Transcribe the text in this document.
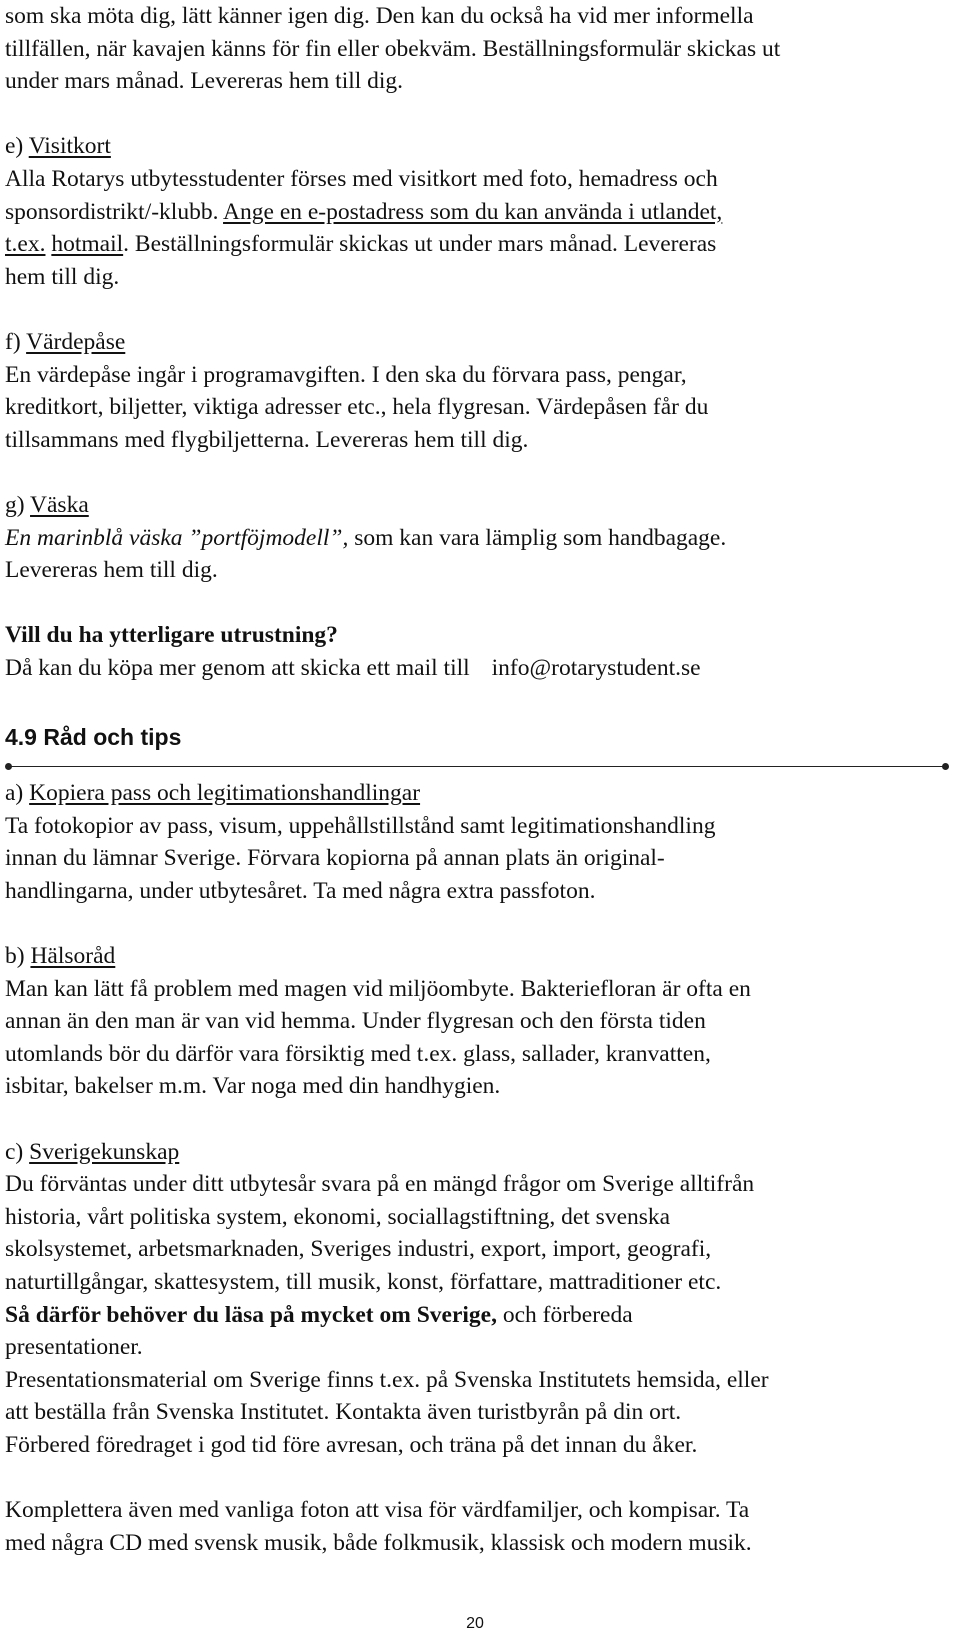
som ska möta dig, lätt känner igen dig. Den kan du också ha vid mer informella
tillfällen, när kavajen känns för fin eller obekväm. Beställningsformulär skickas ut
under mars månad. Levereras hem till dig.
e) Visitkort
Alla Rotarys utbytesstudenter förses med visitkort med foto, hemadress och
sponsordistrikt/-klubb. Ange en e-postadress som du kan använda i utlandet,
t.ex. hotmail. Beställningsformulär skickas ut under mars månad. Levereras
hem till dig.
f) Värdepåse
En värdepåse ingår i programavgiften. I den ska du förvara pass, pengar,
kreditkort, biljetter, viktiga adresser etc., hela flygresan. Värdepåsen får du
tillsammans med flygbiljetterna. Levereras hem till dig.
g) Väska
En marinblå väska ”portföjmodell”, som kan vara lämplig som handbagage.
Levereras hem till dig.
Vill du ha ytterligare utrustning?
Då kan du köpa mer genom att skicka ett mail till info@rotarystudent.se
4.9 Råd och tips
a) Kopiera pass och legitimationshandlingar
Ta fotokopior av pass, visum, uppehållstillstånd samt legitimationshandling
innan du lämnar Sverige. Förvara kopiorna på annan plats än original-
handlingarna, under utbytesåret. Ta med några extra passfoton.
b) Hälsoråd
Man kan lätt få problem med magen vid miljöombyte. Bakteriefloran är ofta en
annan än den man är van vid hemma. Under flygresan och den första tiden
utomlands bör du därför vara försiktig med t.ex. glass, sallader, kranvatten,
isbitar, bakelser m.m. Var noga med din handhygien.
c) Sverigekunskap
Du förväntas under ditt utbytesår svara på en mängd frågor om Sverige alltifrån
historia, vårt politiska system, ekonomi, sociallagstiftning, det svenska
skolsystemet, arbetsmarknaden, Sveriges industri, export, import, geografi,
naturtillgångar, skattesystem, till musik, konst, författare, mattraditioner etc.
Så därför behöver du läsa på mycket om Sverige, och förbereda
presentationer.
Presentationsmaterial om Sverige finns t.ex. på Svenska Institutets hemsida, eller
att beställa från Svenska Institutet. Kontakta även turistbyrån på din ort.
Förbered föredraget i god tid före avresan, och träna på det innan du åker.
Komplettera även med vanliga foton att visa för värdfamiljer, och kompisar. Ta
med några CD med svensk musik, både folkmusik, klassisk och modern musik.
20
